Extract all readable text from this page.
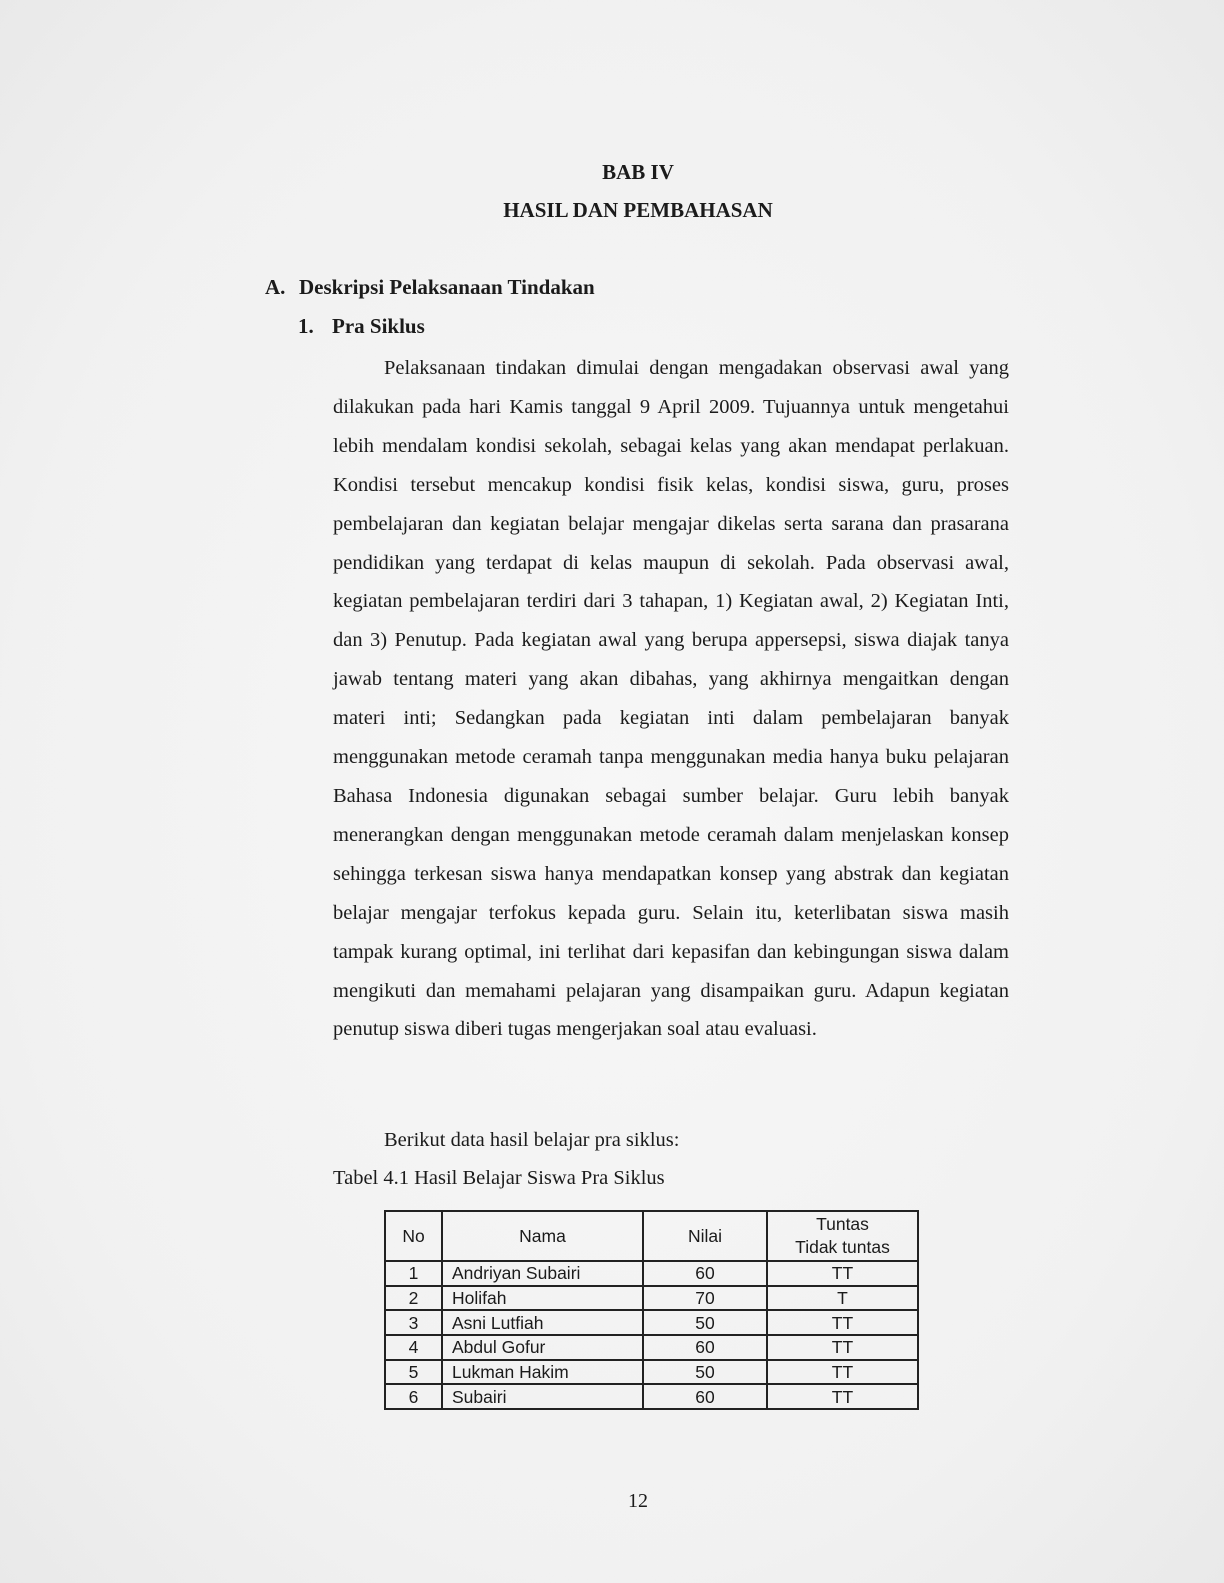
BAB IV
HASIL DAN PEMBAHASAN
A. Deskripsi Pelaksanaan Tindakan
1. Pra Siklus

Pelaksanaan tindakan dimulai dengan mengadakan observasi awal yang dilakukan pada hari Kamis tanggal 9 April 2009. Tujuannya untuk mengetahui lebih mendalam kondisi sekolah, sebagai kelas yang akan mendapat perlakuan. Kondisi tersebut mencakup kondisi fisik kelas, kondisi siswa, guru, proses pembelajaran dan kegiatan belajar mengajar dikelas serta sarana dan prasarana pendidikan yang terdapat di kelas maupun di sekolah. Pada observasi awal, kegiatan pembelajaran terdiri dari 3 tahapan, 1) Kegiatan awal, 2) Kegiatan Inti, dan 3) Penutup. Pada kegiatan awal yang berupa appersepsi, siswa diajak tanya jawab tentang materi yang akan dibahas, yang akhirnya mengaitkan dengan materi inti; Sedangkan pada kegiatan inti dalam pembelajaran banyak menggunakan metode ceramah tanpa menggunakan media hanya buku pelajaran Bahasa Indonesia digunakan sebagai sumber belajar. Guru lebih banyak menerangkan dengan menggunakan metode ceramah dalam menjelaskan konsep sehingga terkesan siswa hanya mendapatkan konsep yang abstrak dan kegiatan belajar mengajar terfokus kepada guru. Selain itu, keterlibatan siswa masih tampak kurang optimal, ini terlihat dari kepasifan dan kebingungan siswa dalam mengikuti dan memahami pelajaran yang disampaikan guru. Adapun kegiatan penutup siswa diberi tugas mengerjakan soal atau evaluasi.

Berikut data hasil belajar pra siklus:
Tabel 4.1 Hasil Belajar Siswa Pra Siklus
No	Nama	Nilai	Tuntas
Tidak tuntas

1	Andriyan Subairi	60	TT
2	Holifah	70	T
3	Asni Lutfiah	50	TT
4	Abdul Gofur	60	TT
5	Lukman Hakim	50	TT
6	Subairi	60	TT
12
